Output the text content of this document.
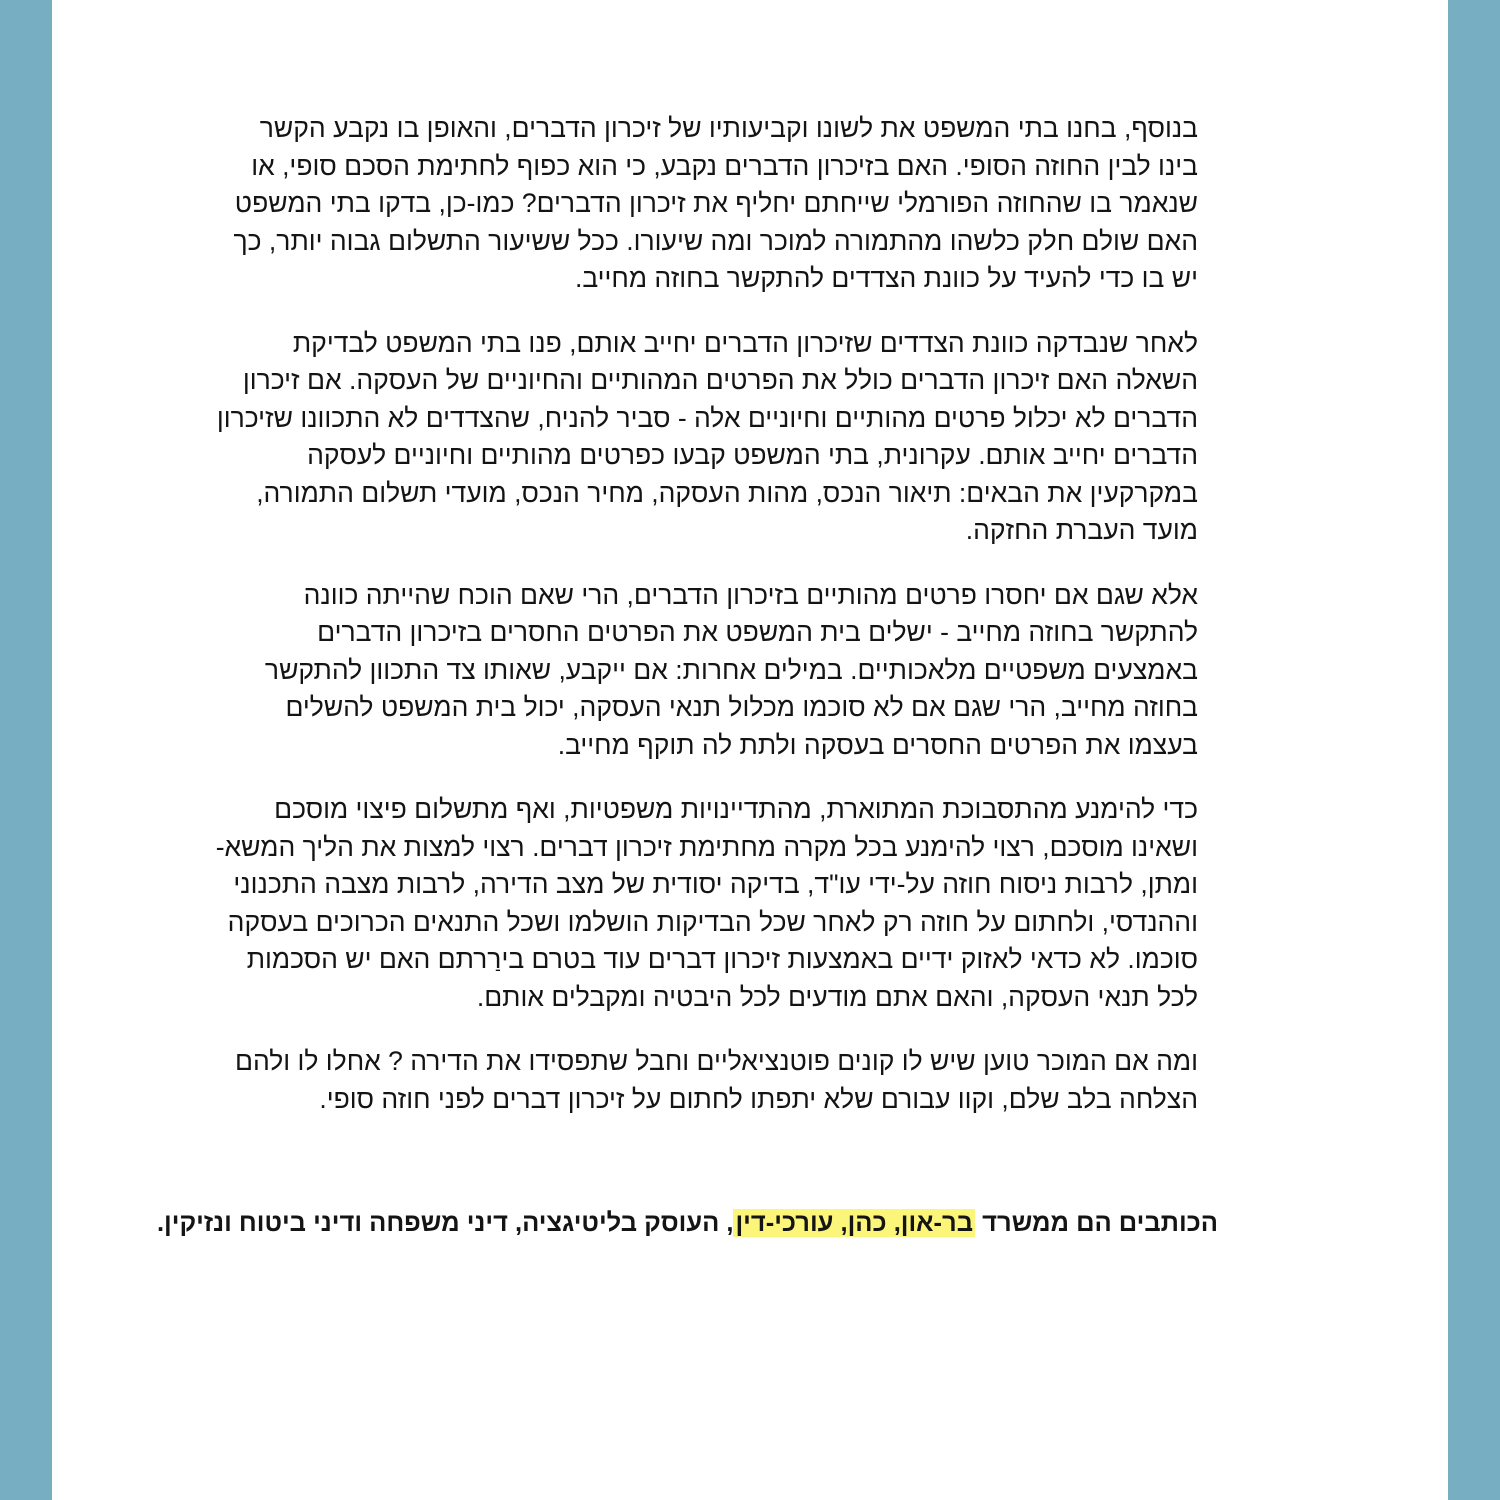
בנוסף, בחנו בתי המשפט את לשונו וקביעותיו של זיכרון הדברים, והאופן בו נקבע הקשר
בינו לבין החוזה הסופי. האם בזיכרון הדברים נקבע, כי הוא כפוף לחתימת הסכם סופי, או
שנאמר בו שהחוזה הפורמלי שייחתם יחליף את זיכרון הדברים? כמו-כן, בדקו בתי המשפט
האם שולם חלק כלשהו מהתמורה למוכר ומה שיעורו. ככל ששיעור התשלום גבוה יותר, כך
יש בו כדי להעיד על כוונת הצדדים להתקשר בחוזה מחייב.

לאחר שנבדקה כוונת הצדדים שזיכרון הדברים יחייב אותם, פנו בתי המשפט לבדיקת
השאלה האם זיכרון הדברים כולל את הפרטים המהותיים והחיוניים של העסקה. אם זיכרון
הדברים לא יכלול פרטים מהותיים וחיוניים אלה - סביר להניח, שהצדדים לא התכוונו שזיכרון
הדברים יחייב אותם. עקרונית, בתי המשפט קבעו כפרטים מהותיים וחיוניים לעסקה
במקרקעין את הבאים: תיאור הנכס, מהות העסקה, מחיר הנכס, מועדי תשלום התמורה,
מועד העברת החזקה.

אלא שגם אם יחסרו פרטים מהותיים בזיכרון הדברים, הרי שאם הוכח שהייתה כוונה
להתקשר בחוזה מחייב - ישלים בית המשפט את הפרטים החסרים בזיכרון הדברים
באמצעים משפטיים מלאכותיים. במילים אחרות: אם ייקבע, שאותו צד התכוון להתקשר
בחוזה מחייב, הרי שגם אם לא סוכמו מכלול תנאי העסקה, יכול בית המשפט להשלים
בעצמו את הפרטים החסרים בעסקה ולתת לה תוקף מחייב.

כדי להימנע מהתסבוכת המתוארת, מהתדיינויות משפטיות, ואף מתשלום פיצוי מוסכם
ושאינו מוסכם, רצוי להימנע בכל מקרה מחתימת זיכרון דברים. רצוי למצות את הליך המשא-
ומתן, לרבות ניסוח חוזה על-ידי עו"ד, בדיקה יסודית של מצב הדירה, לרבות מצבה התכנוני
וההנדסי, ולחתום על חוזה רק לאחר שכל הבדיקות הושלמו ושכל התנאים הכרוכים בעסקה
סוכמו. לא כדאי לאזוק ידיים באמצעות זיכרון דברים עוד בטרם בירַרתם האם יש הסכמות
לכל תנאי העסקה, והאם אתם מודעים לכל היבטיה ומקבלים אותם.

ומה אם המוכר טוען שיש לו קונים פוטנציאליים וחבל שתפסידו את הדירה ? אחלו לו ולהם
הצלחה בלב שלם, וקוו עבורם שלא יתפתו לחתום על זיכרון דברים לפני חוזה סופי.

הכותבים הם ממשרד בר-און, כהן, עורכי-דין, העוסק בליטיגציה, דיני משפחה ודיני ביטוח ונזיקין.
